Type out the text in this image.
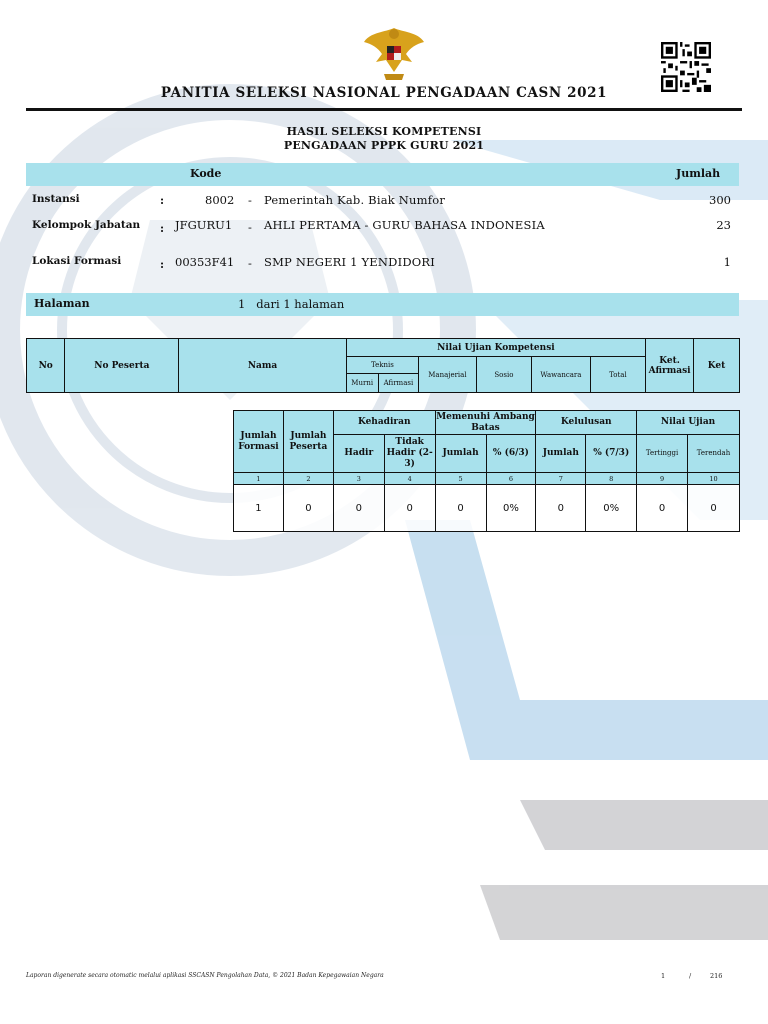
PANITIA SELEKSI NASIONAL PENGADAAN CASN 2021
HASIL SELEKSI KOMPETENSI
PENGADAAN PPPK GURU 2021
Kode	Jumlah
Instansi	:	8002 - Pemerintah Kab. Biak Numfor	300
Kelompok Jabatan : JFGURU1 - AHLI PERTAMA - GURU BAHASA INDONESIA	23
Lokasi Formasi	: 00353F41 - SMP NEGERI 1 YENDIDORI	1
Halaman	1   dari 1 halaman
No	No Peserta	Nama	Nilai Ujian Kompetensi						Ket. Afirmasi	Ket
			Teknis		Manajerial	Sosio	Wawancara	Total		
			Murni	Afirmasi						
Jumlah Formasi	Jumlah Peserta	Kehadiran		Memenuhi Ambang Batas		Kelulusan		Nilai Ujian	
		Hadir	Tidak Hadir (2-3)	Jumlah	% (6/3)	Jumlah	% (7/3)	Tertinggi	Terendah
1	2	3	4	5	6	7	8	9	10
1	0	0	0	0	0%	0	0%	0	0
Laporan digenerate secara otomatic melalui aplikasi SSCASN Pengolahan Data, © 2021 Badan Kepegawaian Negara	1	/	216
